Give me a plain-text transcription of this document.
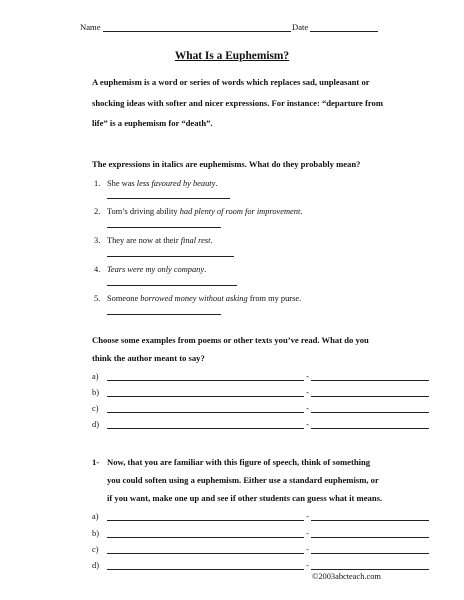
Name	Date
What Is a Euphemism?
A euphemism is a word or series of words which replaces sad, unpleasant or
shocking ideas with softer and nicer expressions. For instance: “departure from
life” is a euphemism for “death”.
The expressions in italics are euphemisms. What do they probably mean?
1. She was less favoured by beauty.
2. Tom’s driving ability had plenty of room for improvement.
3. They are now at their final rest.
4. Tears were my only company.
5. Someone borrowed money without asking from my purse.
Choose some examples from poems or other texts you’ve read. What do you
think the author meant to say?
a)	-
b)	-
c)	-
d)	-
1- Now, that you are familiar with this figure of speech, think of something
you could soften using a euphemism. Either use a standard euphemism, or
if you want, make one up and see if other students can guess what it means.
a)	-
b)	-
c)	-
d)	-
©2003abcteach.com
